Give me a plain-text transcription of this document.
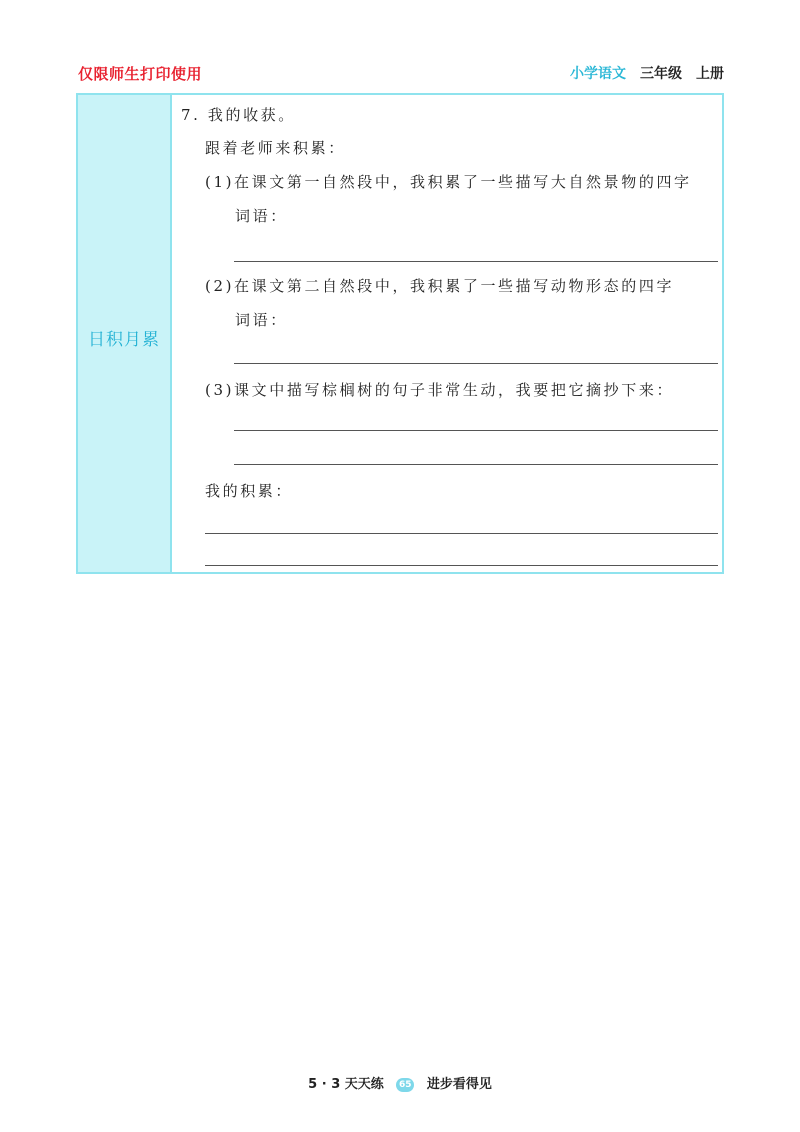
仅限师生打印使用	小学语文 三年级 上册
日积月累
7. 我的收获。
跟着老师来积累：
(1)在课文第一自然段中，我积累了一些描写大自然景物的四字
词语：
(2)在课文第二自然段中，我积累了一些描写动物形态的四字
词语：
(3)课文中描写棕榈树的句子非常生动，我要把它摘抄下来：
我的积累：
5 · 3 天天练 65 进步看得见
